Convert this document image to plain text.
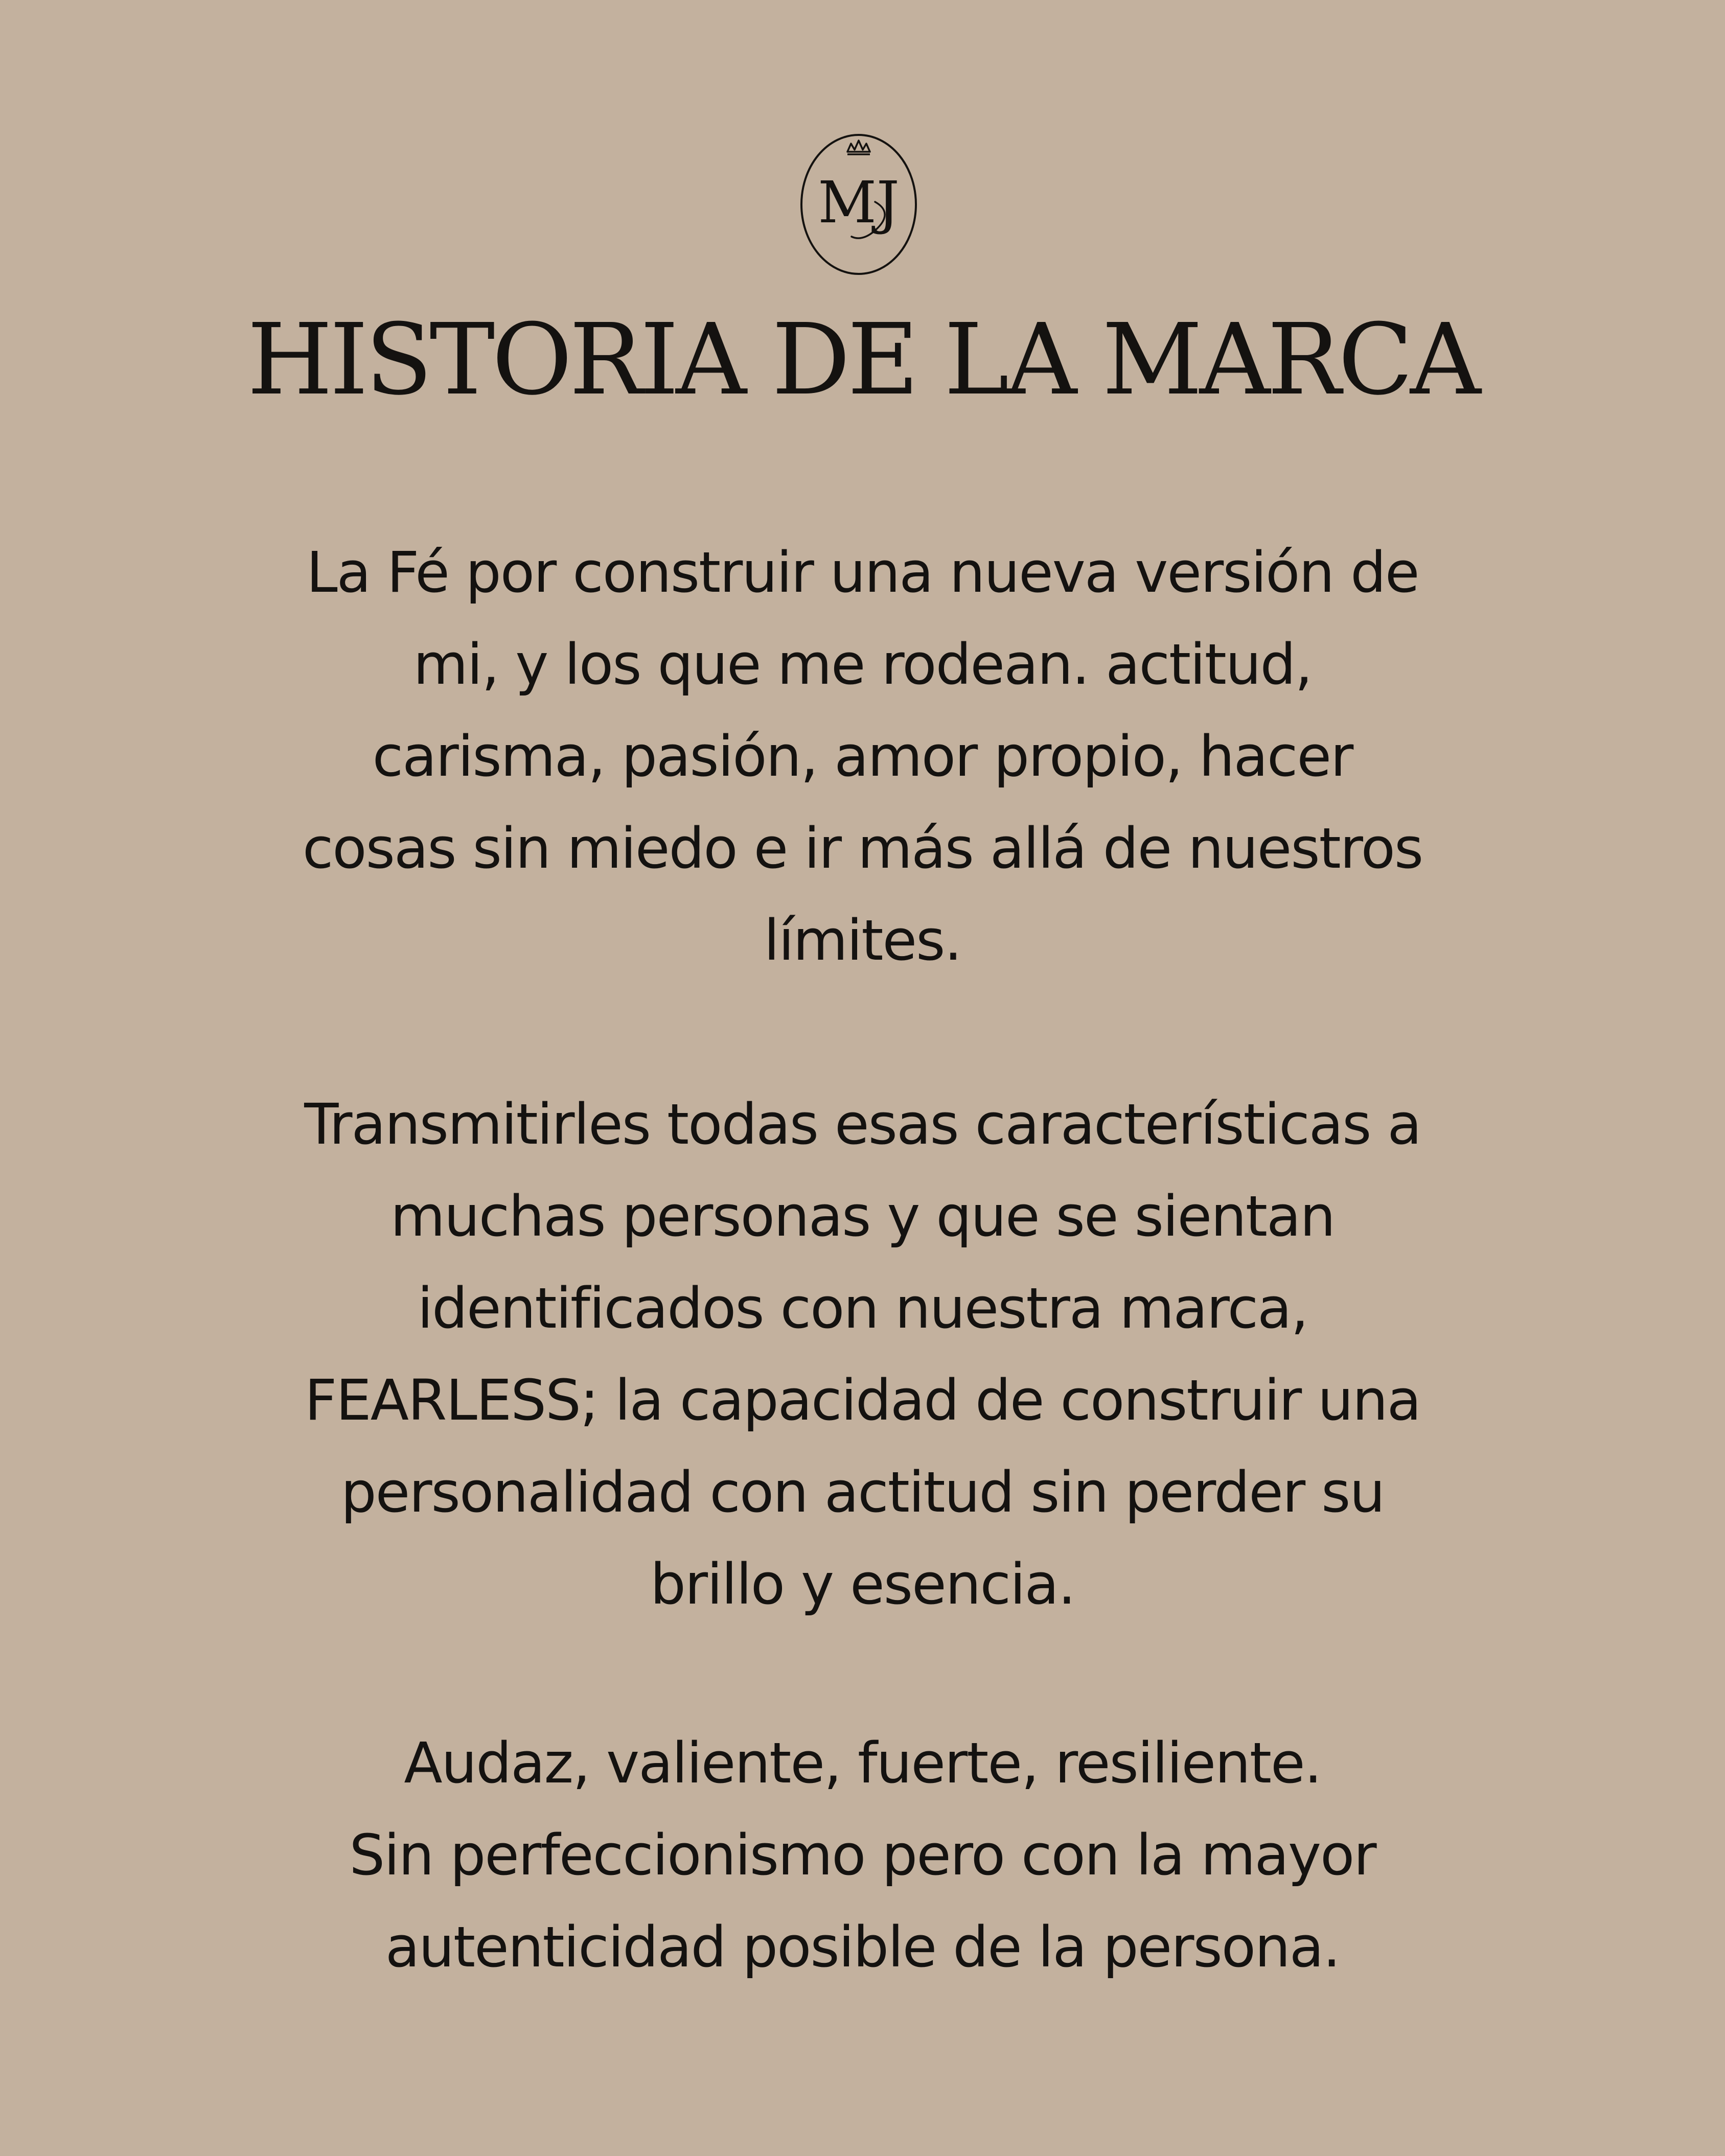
MJ
HISTORIA DE LA MARCA
La Fé por construir una nueva versión de
mi, y los que me rodean. actitud,
carisma, pasión, amor propio, hacer
cosas sin miedo e ir más allá de nuestros
límites.
Transmitirles todas esas características a
muchas personas y que se sientan
identificados con nuestra marca,
FEARLESS; la capacidad de construir una
personalidad con actitud sin perder su
brillo y esencia.
Audaz, valiente, fuerte, resiliente.
Sin perfeccionismo pero con la mayor
autenticidad posible de la persona.
